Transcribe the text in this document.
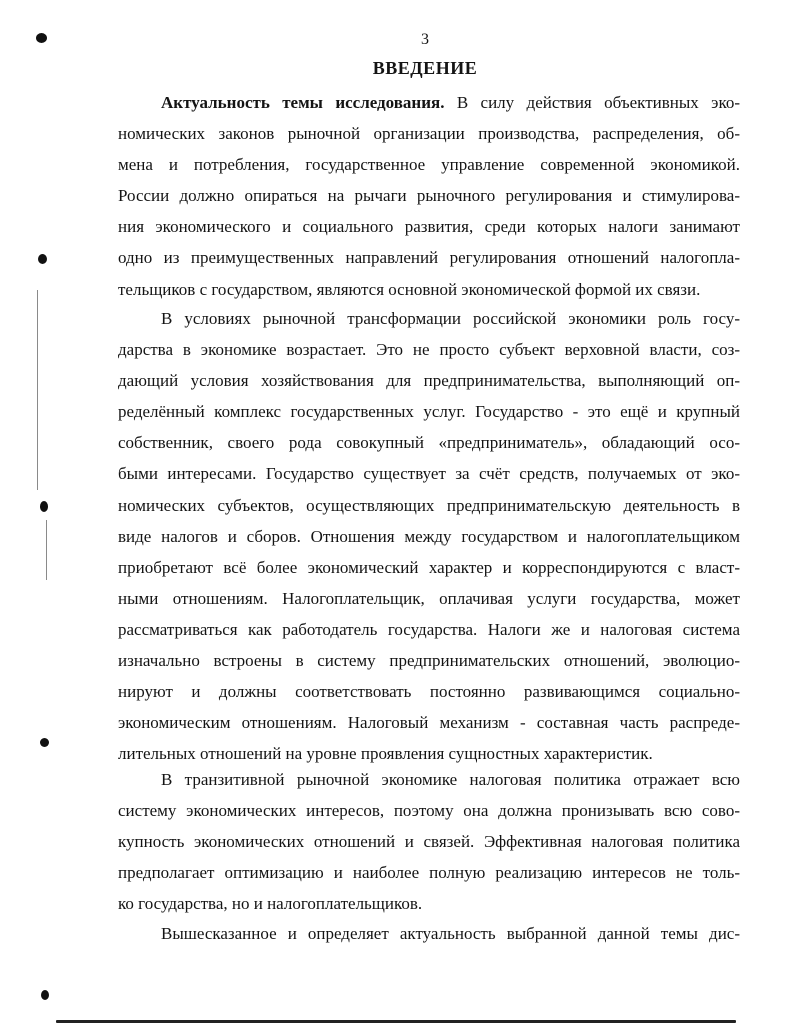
3
ВВЕДЕНИЕ
Актуальность темы исследования. В силу действия объективных эко-
номических законов рыночной организации производства, распределения, об-
мена и потребления, государственное управление современной экономикой.
России должно опираться на рычаги рыночного регулирования и стимулирова-
ния экономического и социального развития, среди которых налоги занимают
одно из преимущественных направлений регулирования отношений налогопла-
тельщиков с государством, являются основной экономической формой их связи.
В условиях рыночной трансформации российской экономики роль госу-
дарства в экономике возрастает. Это не просто субъект верховной власти, соз-
дающий условия хозяйствования для предпринимательства, выполняющий оп-
ределённый комплекс государственных услуг. Государство - это ещё и крупный
собственник, своего рода совокупный «предприниматель», обладающий осо-
быми интересами. Государство существует за счёт средств, получаемых от эко-
номических субъектов, осуществляющих предпринимательскую деятельность в
виде налогов и сборов. Отношения между государством и налогоплательщиком
приобретают всё более экономический характер и корреспондируются с власт-
ными отношениям. Налогоплательщик, оплачивая услуги государства, может
рассматриваться как работодатель государства. Налоги же и налоговая система
изначально встроены в систему предпринимательских отношений, эволюцио-
нируют и должны соответствовать постоянно развивающимся социально-
экономическим отношениям. Налоговый механизм - составная часть распреде-
лительных отношений на уровне проявления сущностных характеристик.
В транзитивной рыночной экономике налоговая политика отражает всю
систему экономических интересов, поэтому она должна пронизывать всю сово-
купность экономических отношений и связей. Эффективная налоговая политика
предполагает оптимизацию и наиболее полную реализацию интересов не толь-
ко государства, но и налогоплательщиков.
Вышесказанное и определяет актуальность выбранной данной темы дис-
